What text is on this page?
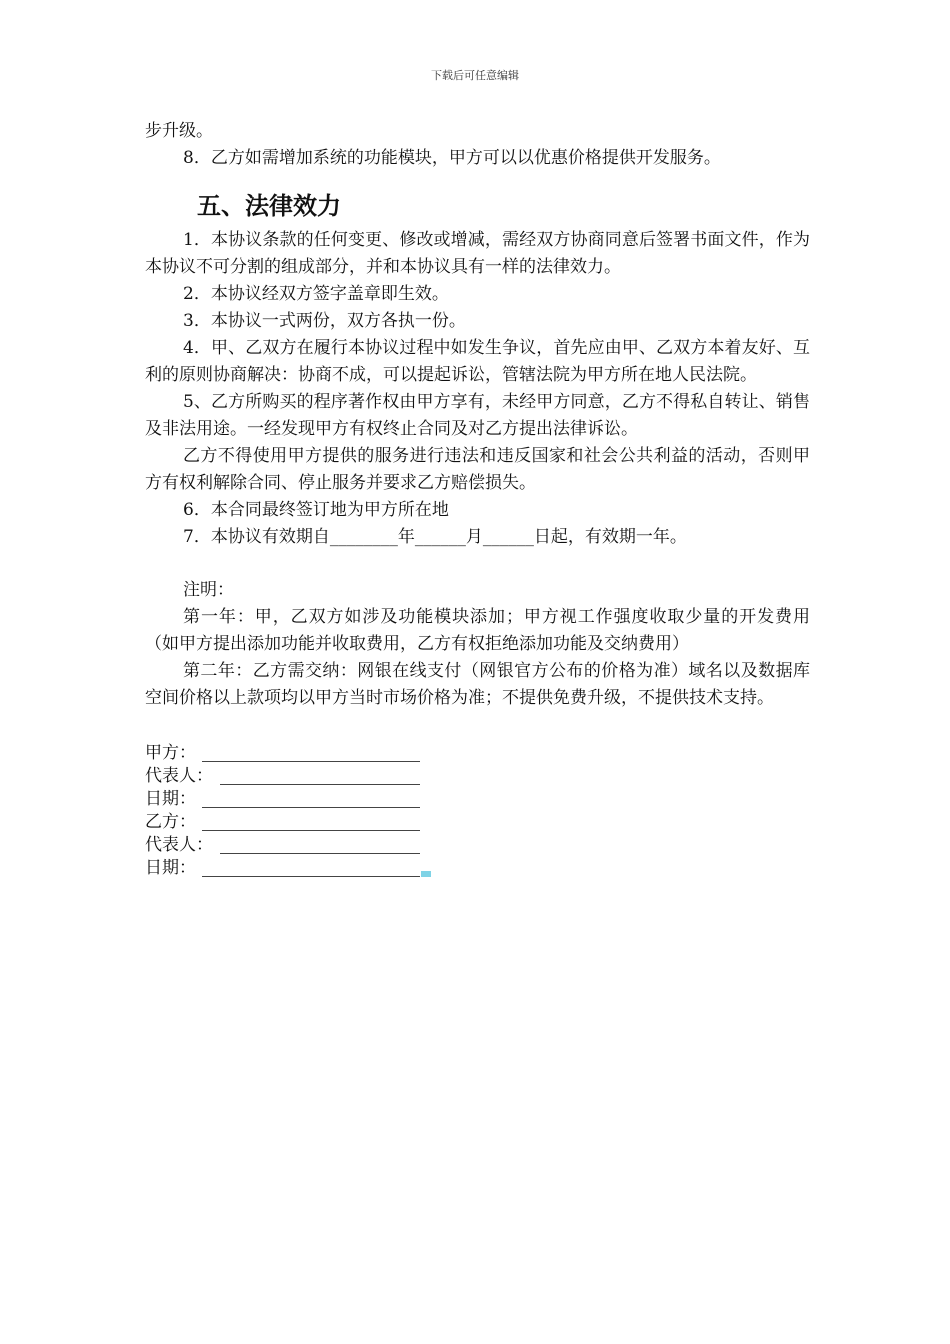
下载后可任意编辑

步升级。

8．乙方如需增加系统的功能模块，甲方可以以优惠价格提供开发服务。

五、法律效力

1．本协议条款的任何变更、修改或增减，需经双方协商同意后签署书面文件，作为本协议不可分割的组成部分，并和本协议具有一样的法律效力。

2．本协议经双方签字盖章即生效。

3．本协议一式两份，双方各执一份。

4．甲、乙双方在履行本协议过程中如发生争议，首先应由甲、乙双方本着友好、互利的原则协商解决：协商不成，可以提起诉讼，管辖法院为甲方所在地人民法院。

5、乙方所购买的程序著作权由甲方享有，未经甲方同意，乙方不得私自转让、销售及非法用途。一经发现甲方有权终止合同及对乙方提出法律诉讼。

乙方不得使用甲方提供的服务进行违法和违反国家和社会公共利益的活动，否则甲方有权利解除合同、停止服务并要求乙方赔偿损失。

6．本合同最终签订地为甲方所在地

7．本协议有效期自________年______月______日起，有效期一年。

注明：

第一年：甲，乙双方如涉及功能模块添加；甲方视工作强度收取少量的开发费用（如甲方提出添加功能并收取费用，乙方有权拒绝添加功能及交纳费用）

第二年：乙方需交纳：网银在线支付（网银官方公布的价格为准）域名以及数据库空间价格以上款项均以甲方当时市场价格为准；不提供免费升级，不提供技术支持。

甲方：
代表人：
日期：
乙方：
代表人：
日期：
